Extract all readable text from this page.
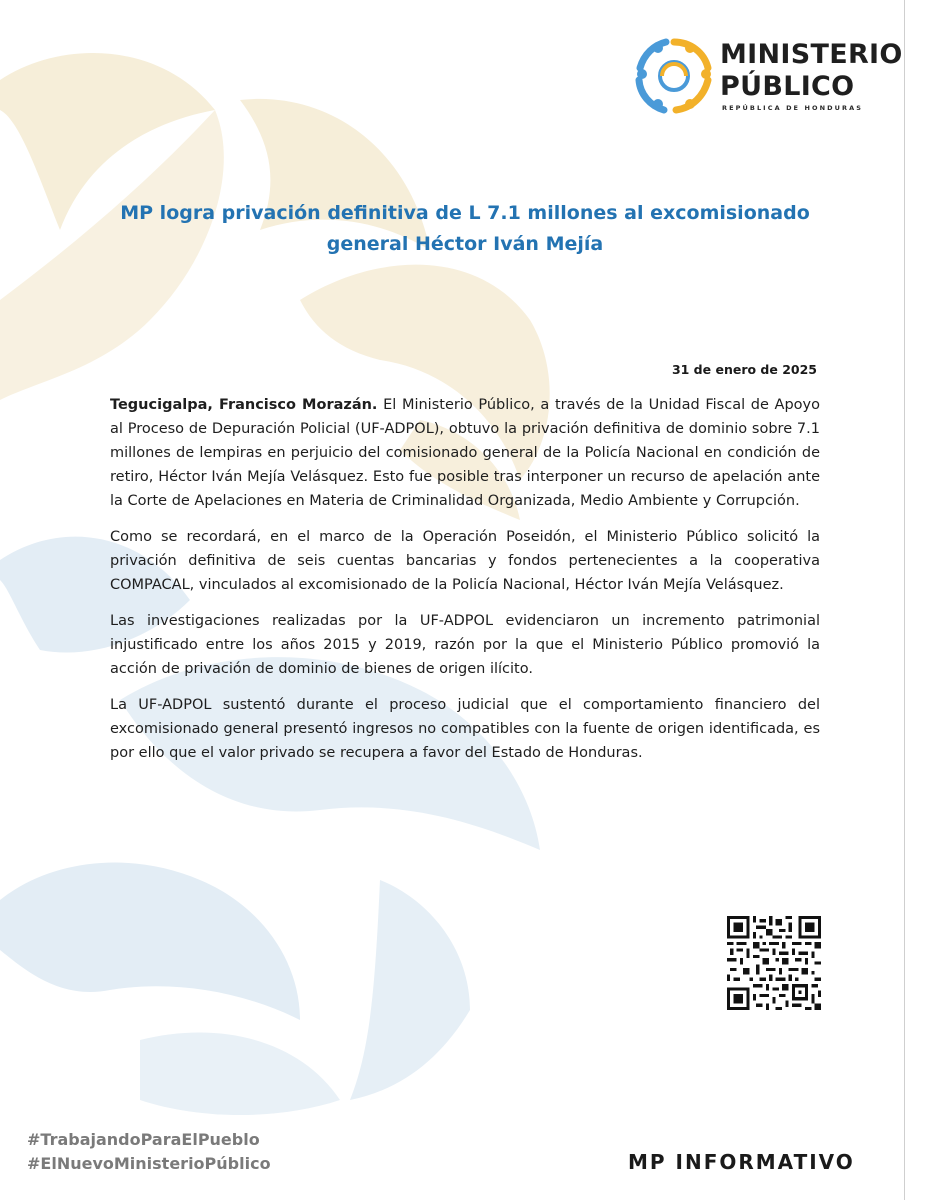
MINISTERIO
PÚBLICO
REPÚBLICA DE HONDURAS
MP logra privación definitiva de L 7.1 millones al excomisionado
general Héctor Iván Mejía
31 de enero de 2025

Tegucigalpa, Francisco Morazán. El Ministerio Público, a través de la Unidad Fiscal de Apoyo al Proceso de Depuración Policial (UF-ADPOL), obtuvo la privación definitiva de dominio sobre 7.1 millones de lempiras en perjuicio del comisionado general de la Policía Nacional en condición de retiro, Héctor Iván Mejía Velásquez. Esto fue posible tras interponer un recurso de apelación ante la Corte de Apelaciones en Materia de Criminalidad Organizada, Medio Ambiente y Corrupción.

Como se recordará, en el marco de la Operación Poseidón, el Ministerio Público solicitó la privación definitiva de seis cuentas bancarias y fondos pertenecientes a la cooperativa COMPACAL, vinculados al excomisionado de la Policía Nacional, Héctor Iván Mejía Velásquez.

Las investigaciones realizadas por la UF-ADPOL evidenciaron un incremento patrimonial injustificado entre los años 2015 y 2019, razón por la que el Ministerio Público promovió la acción de privación de dominio de bienes de origen ilícito.

La UF-ADPOL sustentó durante el proceso judicial que el comportamiento financiero del excomisionado general presentó ingresos no compatibles con la fuente de origen identificada, es por ello que el valor privado se recupera a favor del Estado de Honduras.

#TrabajandoParaElPueblo
#ElNuevoMinisterioPúblico	MP INFORMATIVO
